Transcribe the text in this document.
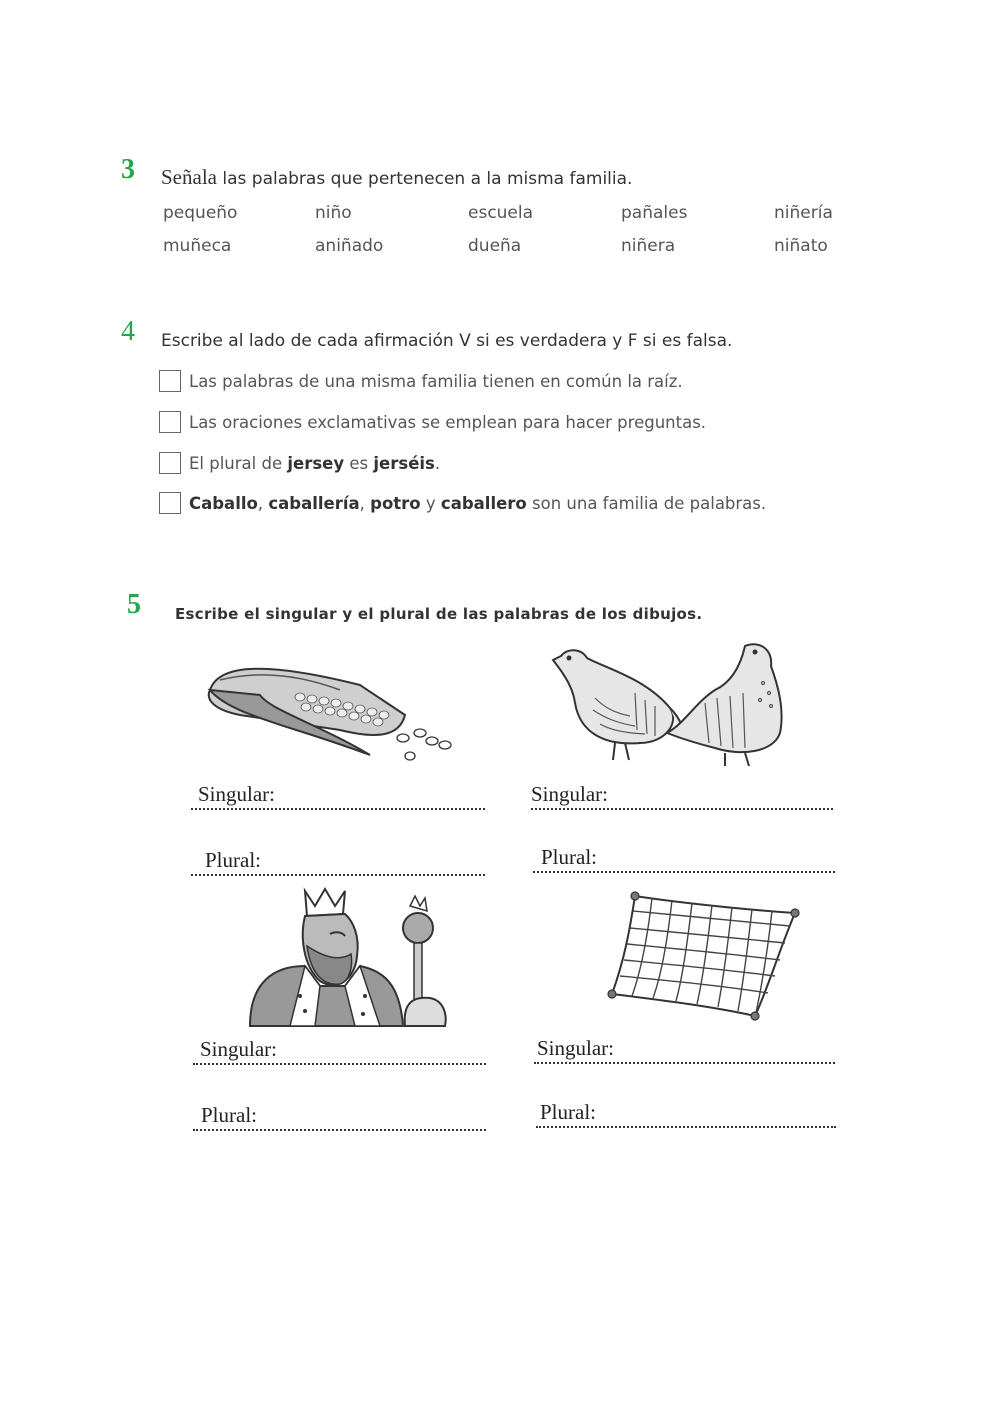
3 Señala las palabras que pertenecen a la misma familia.
pequeño	niño	escuela	pañales	niñería
muñeca	aniñado	dueña	niñera	niñato
4 Escribe al lado de cada afirmación V si es verdadera y F si es falsa.
Las palabras de una misma familia tienen en común la raíz.
Las oraciones exclamativas se emplean para hacer preguntas.
El plural de jersey es jerséis.
Caballo, caballería, potro y caballero son una familia de palabras.
5 Escribe el singular y el plural de las palabras de los dibujos.
Singular:
Plural:
Singular:
Plural:
Singular:
Plural:
Singular:
Plural:
